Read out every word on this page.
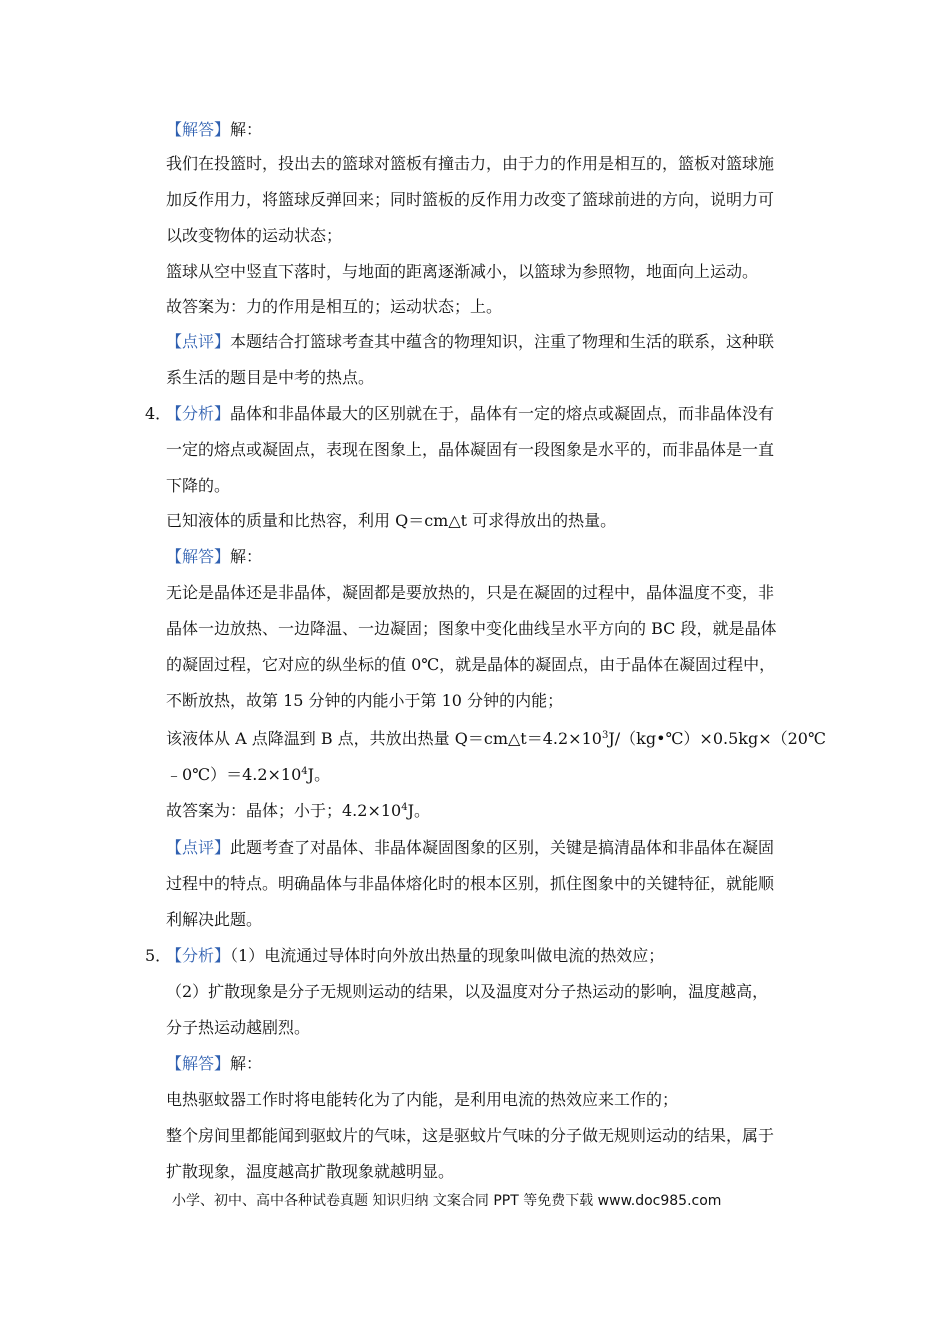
【解答】解：
我们在投篮时，投出去的篮球对篮板有撞击力，由于力的作用是相互的，篮板对篮球施
加反作用力，将篮球反弹回来；同时篮板的反作用力改变了篮球前进的方向，说明力可
以改变物体的运动状态；
篮球从空中竖直下落时，与地面的距离逐渐减小，以篮球为参照物，地面向上运动。
故答案为：力的作用是相互的；运动状态；上。
【点评】本题结合打篮球考查其中蕴含的物理知识，注重了物理和生活的联系，这种联
系生活的题目是中考的热点。
4．
【分析】晶体和非晶体最大的区别就在于，晶体有一定的熔点或凝固点，而非晶体没有
一定的熔点或凝固点，表现在图象上，晶体凝固有一段图象是水平的，而非晶体是一直
下降的。
已知液体的质量和比热容，利用 Q＝cm△t 可求得放出的热量。
【解答】解：
无论是晶体还是非晶体，凝固都是要放热的，只是在凝固的过程中，晶体温度不变，非
晶体一边放热、一边降温、一边凝固；图象中变化曲线呈水平方向的 BC 段，就是晶体
的凝固过程，它对应的纵坐标的值 0℃，就是晶体的凝固点，由于晶体在凝固过程中，
不断放热，故第 15 分钟的内能小于第 10 分钟的内能；
该液体从 A 点降温到 B 点，共放出热量 $Q=cm\triangle t=4.2\times 10^3J/(kg•℃)\times 0.5kg\times(20℃$
$﹣0℃)=4.2\times 10^4J$。
故答案为：晶体；小于；$4.2\times 10^4J$。
【点评】此题考查了对晶体、非晶体凝固图象的区别，关键是搞清晶体和非晶体在凝固
过程中的特点。明确晶体与非晶体熔化时的根本区别，抓住图象中的关键特征，就能顺
利解决此题。
5．
【分析】（1）电流通过导体时向外放出热量的现象叫做电流的热效应；
（2）扩散现象是分子无规则运动的结果，以及温度对分子热运动的影响，温度越高，
分子热运动越剧烈。
【解答】解：
电热驱蚊器工作时将电能转化为了内能，是利用电流的热效应来工作的；
整个房间里都能闻到驱蚊片的气味，这是驱蚊片气味的分子做无规则运动的结果，属于
扩散现象，温度越高扩散现象就越明显。
小学、初中、高中各种试卷真题 知识归纳 文案合同 PPT 等免费下载 www.doc985.com
